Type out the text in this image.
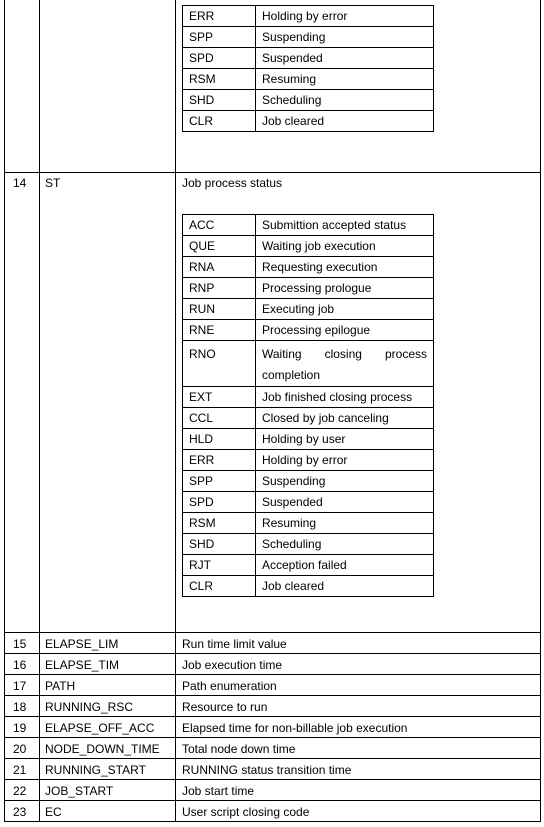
ERR	Holding by error
SPP	Suspending
SPD	Suspended
RSM	Resuming
SHD	Scheduling
CLR	Job cleared
14 ST	Job process status
ACC	Submittion accepted status
QUE	Waiting job execution
RNA	Requesting execution
RNP	Processing prologue
RUN	Executing job
RNE	Processing epilogue
RNO	Waiting closing process
completion

EXT	Job finished closing process
CCL	Closed by job canceling
HLD	Holding by user
ERR	Holding by error
SPP	Suspending
SPD	Suspended
RSM	Resuming
SHD	Scheduling
RJT	Acception failed
CLR	Job cleared
15 ELAPSE_LIM	Run time limit value
16 ELAPSE_TIM	Job execution time
17 PATH	Path enumeration
18 RUNNING_RSC	Resource to run
19 ELAPSE_OFF_ACC Elapsed time for non-billable job execution
20 NODE_DOWN_TIME Total node down time
21 RUNNING_START	RUNNING status transition time
22 JOB_START	Job start time
23 EC	User script closing code
